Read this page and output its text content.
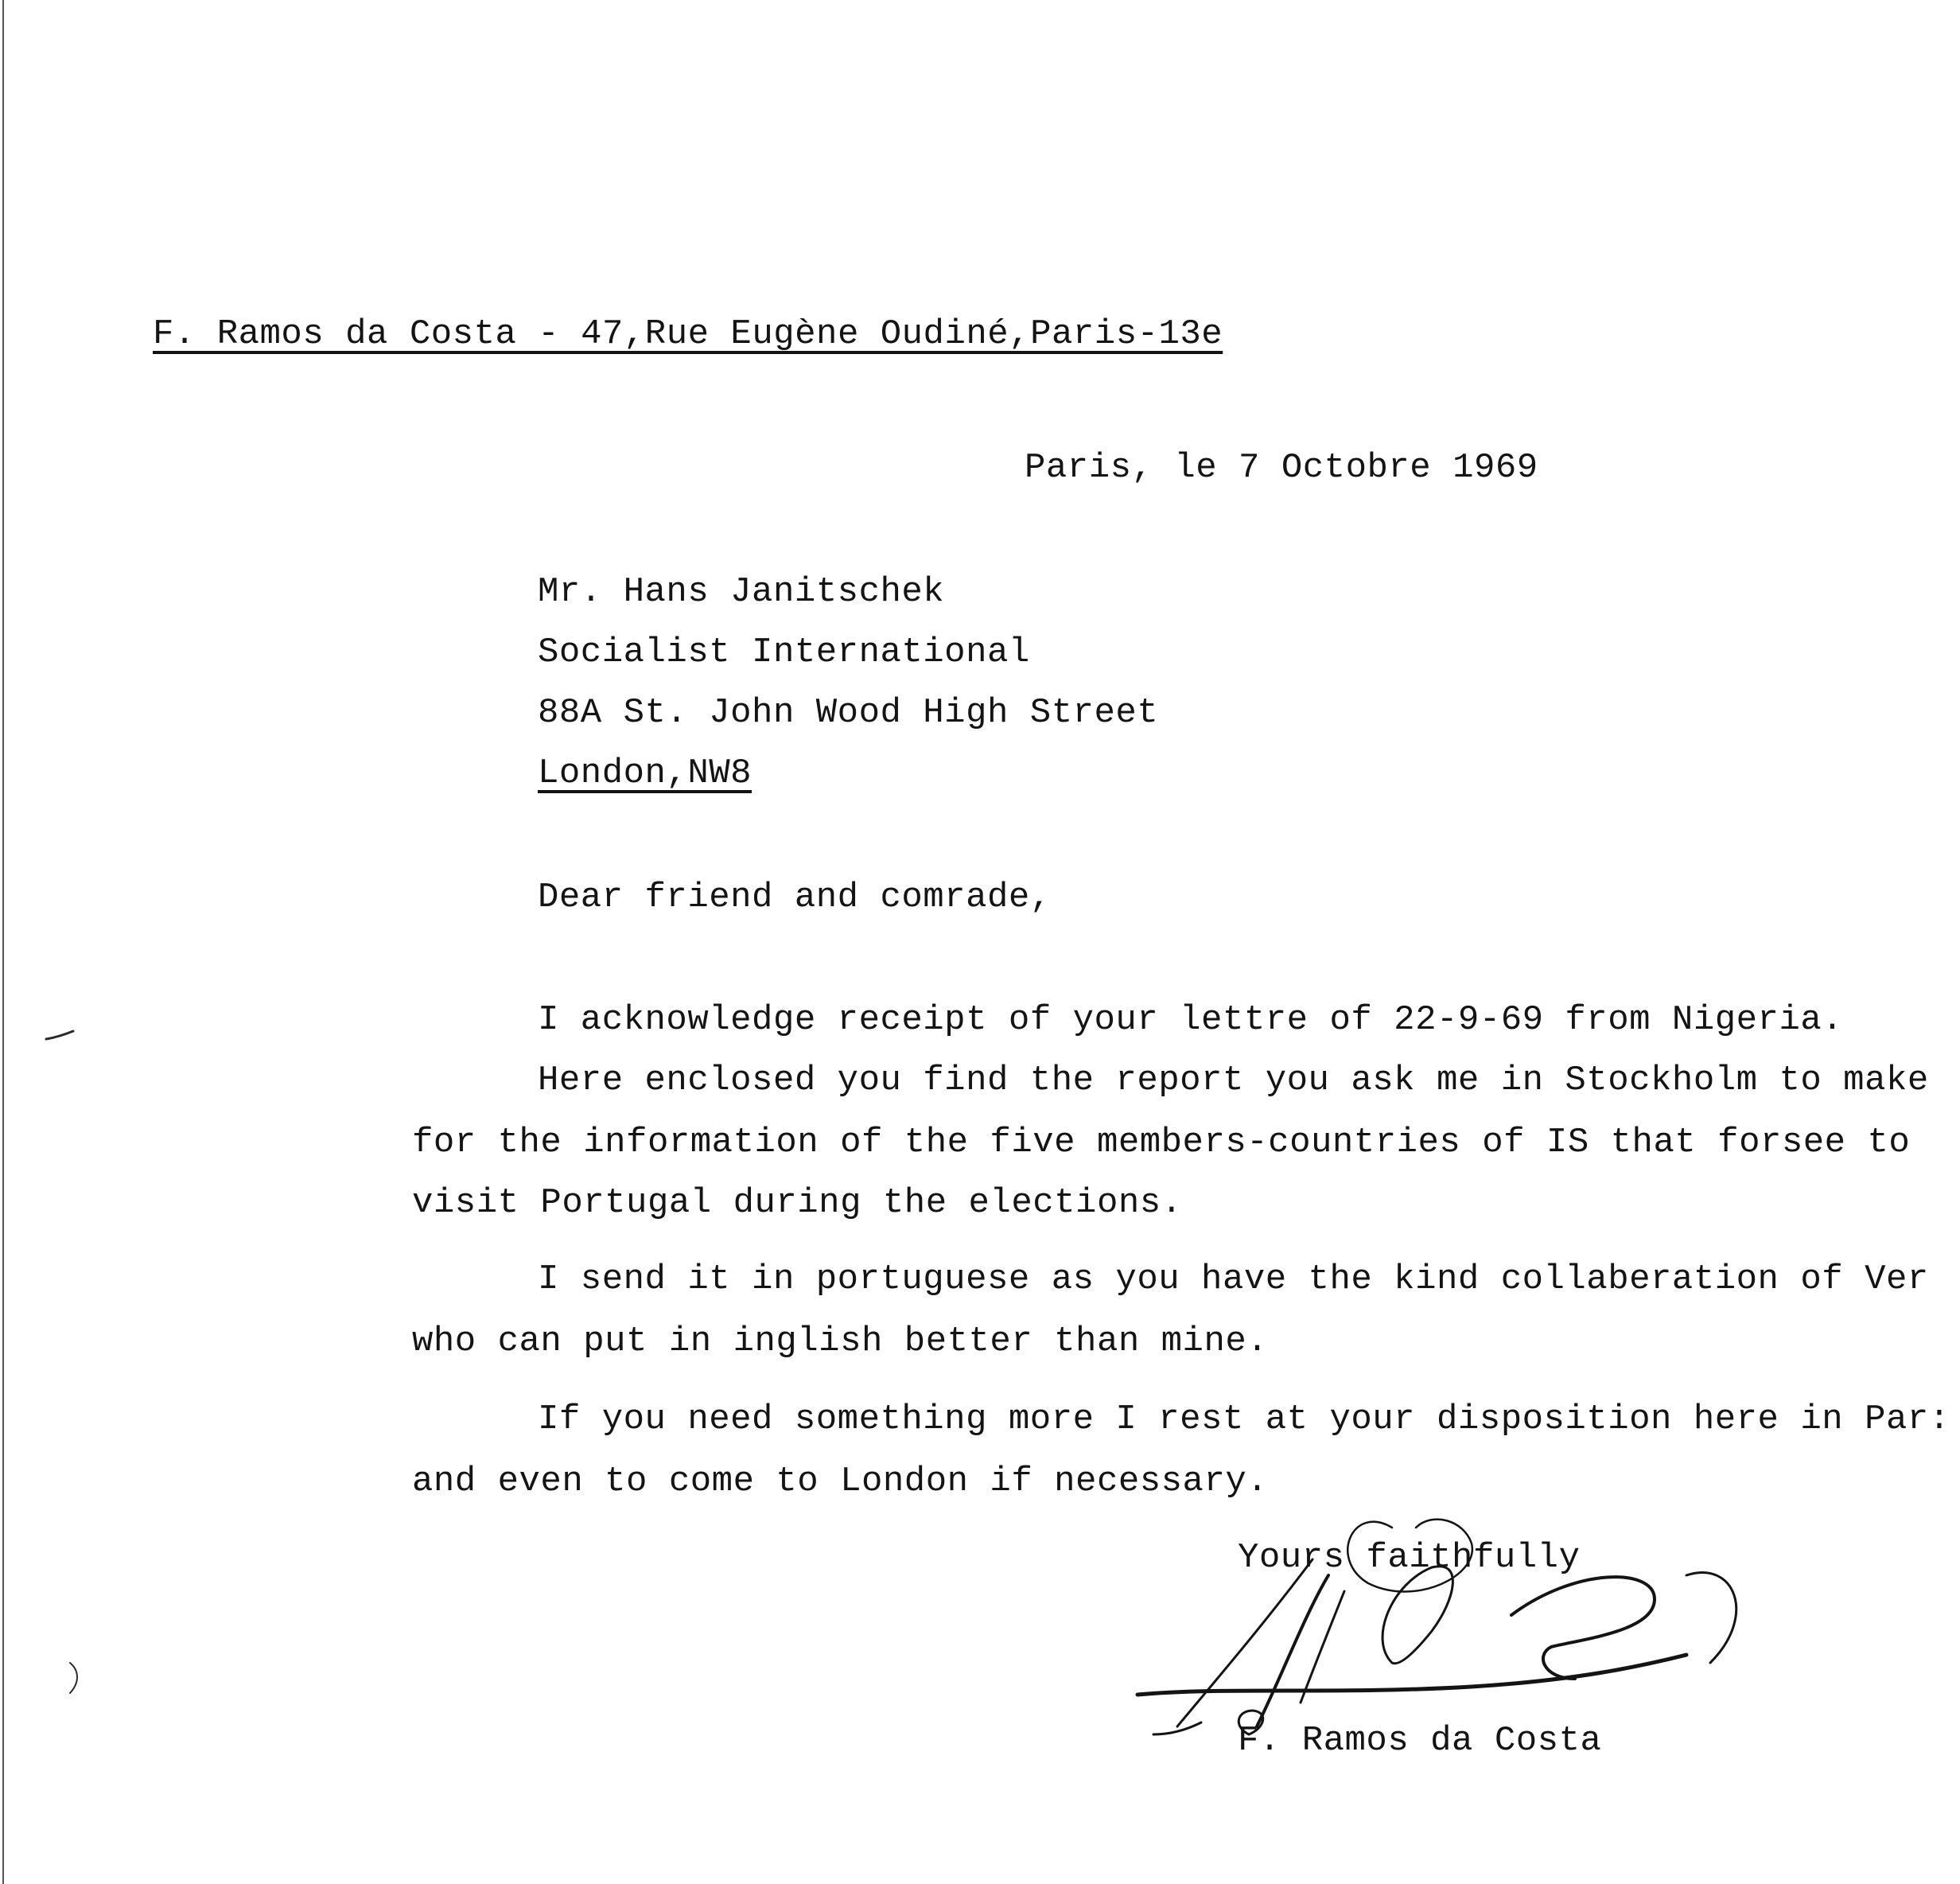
F. Ramos da Costa - 47,Rue Eugène Oudiné,Paris-13e
Paris, le 7 Octobre 1969
Mr. Hans Janitschek
Socialist International
88A St. John Wood High Street
London,NW8
Dear friend and comrade,
I acknowledge receipt of your lettre of 22-9-69 from Nigeria.
Here enclosed you find the report you ask me in Stockholm to make
for the information of the five members-countries of IS that forsee to
visit Portugal during the elections.
I send it in portuguese as you have the kind collaberation of Ver
who can put in inglish better than mine.
If you need something more I rest at your disposition here in Par:
and even to come to London if necessary.
Yours faithfully
F. Ramos da Costa
